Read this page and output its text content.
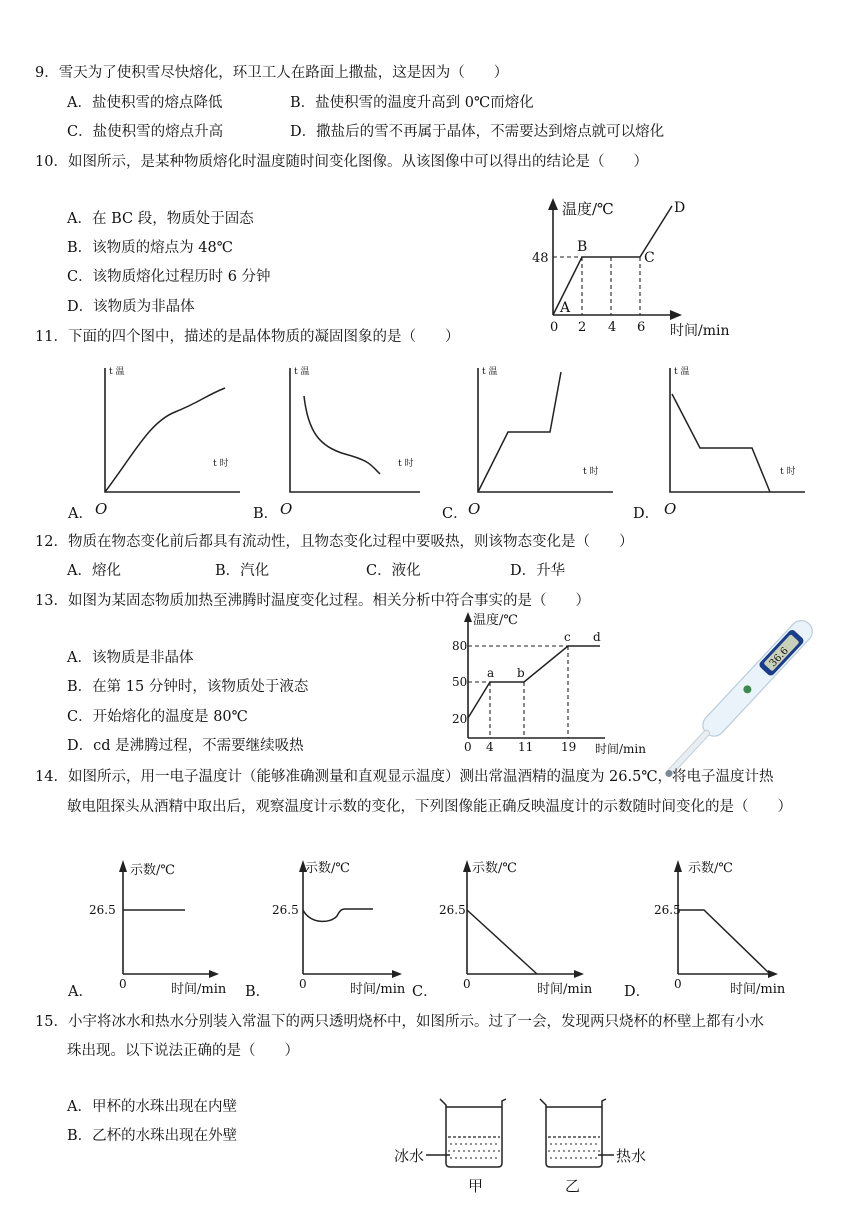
9．雪天为了使积雪尽快熔化，环卫工人在路面上撒盐，这是因为（　　）
A．盐使积雪的熔点降低	B．盐使积雪的温度升高到 0℃而熔化
C．盐使积雪的熔点升高	D．撒盐后的雪不再属于晶体，不需要达到熔点就可以熔化
10．如图所示，是某种物质熔化时温度随时间变化图像。从该图像中可以得出的结论是（　　）
A．在 BC 段，物质处于固态
B．该物质的熔点为 48℃
C．该物质熔化过程历时 6 分钟
D．该物质为非晶体
温度/℃
时间/min
48
0 2 4 6
A
B
C
D
11．下面的四个图中，描述的是晶体物质的凝固图象的是（　　）
t 温
t 时
O
A．
t 温
t 时
O
B．
t 温
t 时
O
C．
t 温
t 时
O
D．
12．物质在物态变化前后都具有流动性，且物态变化过程中要吸热，则该物态变化是（　　）
A．熔化	B．汽化	C．液化	D．升华
13．如图为某固态物质加热至沸腾时温度变化过程。相关分析中符合事实的是（　　）
A．该物质是非晶体
B．在第 15 分钟时，该物质处于液态
C．开始熔化的温度是 80℃
D．cd 是沸腾过程，不需要继续吸热
温度/℃
时间/min
80
50
20
0 4 11 19
a b
c d
36.6
14．如图所示，用一电子温度计（能够准确测量和直观显示温度）测出常温酒精的温度为 26.5℃，将电子温度计热
敏电阻探头从酒精中取出后，观察温度计示数的变化，下列图像能正确反映温度计的示数随时间变化的是（　　）
示数/℃
26.5
0	时间/min
A．
示数/℃
26.5
0	时间/min
B．
示数/℃
26.5
0	时间/min
C．
示数/℃
26.5
0	时间/min
D．
15．小宇将冰水和热水分别装入常温下的两只透明烧杯中，如图所示。过了一会，发现两只烧杯的杯壁上都有小水
珠出现。以下说法正确的是（　　）
A．甲杯的水珠出现在内壁
B．乙杯的水珠出现在外壁
冰水	热水
甲	乙
